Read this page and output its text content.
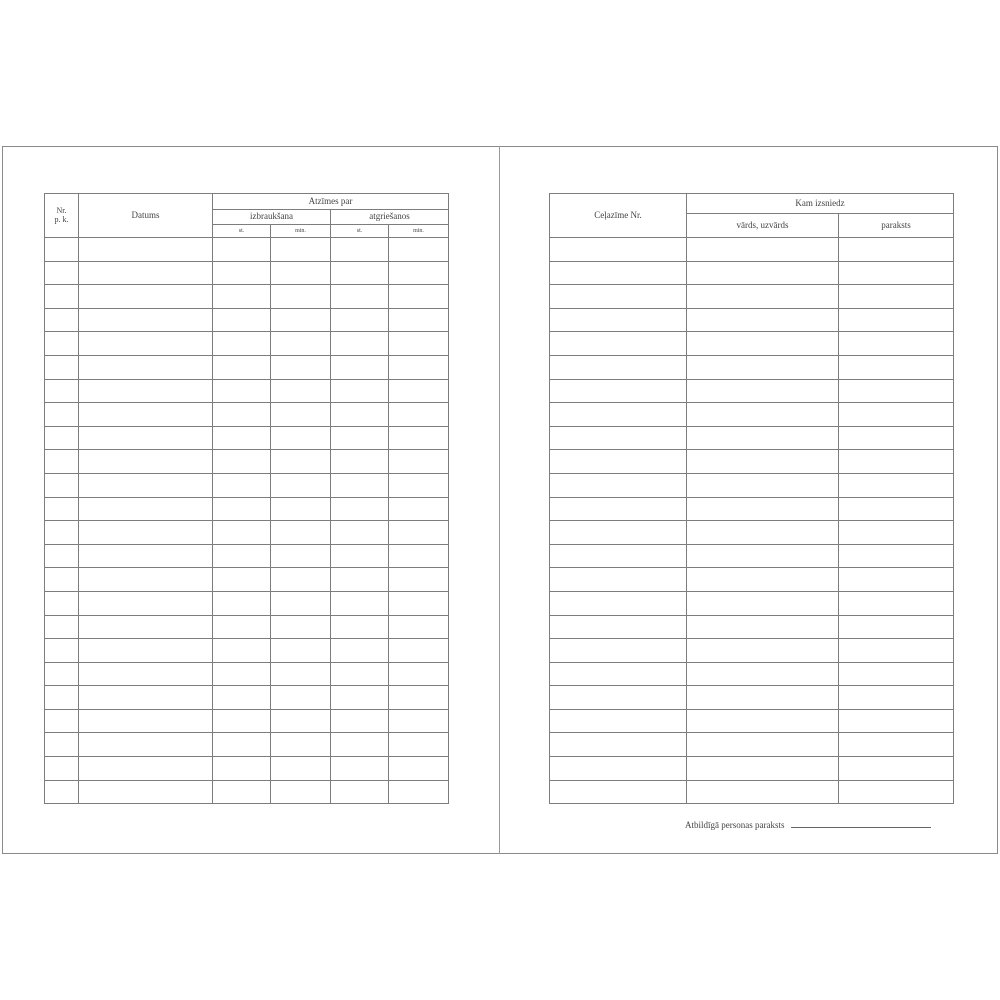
Nr.
p. k.	Datums	Atzīmes par			
		izbraukšana		atgriešanos	
		st.	min.	st.	min.

Ceļazīme Nr.	Kam izsniedz	
	vārds, uzvārds	paraksts

Atbildīgā personas paraksts
